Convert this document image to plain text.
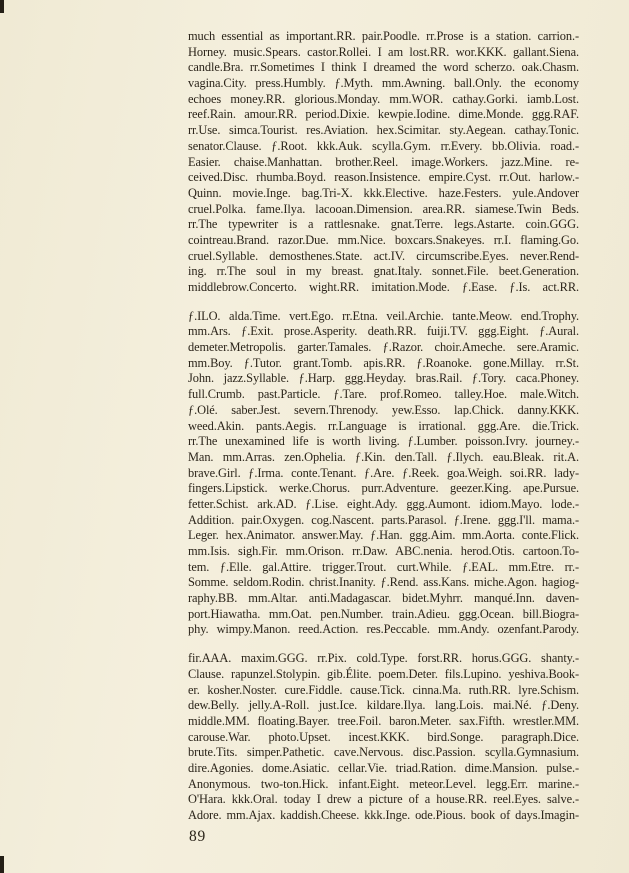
much essential as important.RR. pair.Poodle. rr.Prose is a station. carrion.-
Horney. music.Spears. castor.Rollei. I am lost.RR. wor.KKK. gallant.Siena.
candle.Bra. rr.Sometimes I think I dreamed the word scherzo. oak.Chasm.
vagina.City. press.Humbly. ƒ.Myth. mm.Awning. ball.Only. the economy
echoes money.RR. glorious.Monday. mm.WOR. cathay.Gorki. iamb.Lost.
reef.Rain. amour.RR. period.Dixie. kewpie.Iodine. dime.Monde. ggg.RAF.
rr.Use. simca.Tourist. res.Aviation. hex.Scimitar. sty.Aegean. cathay.Tonic.
senator.Clause. ƒ.Root. kkk.Auk. scylla.Gym. rr.Every. bb.Olivia. road.-
Easier. chaise.Manhattan. brother.Reel. image.Workers. jazz.Mine. re-
ceived.Disc. rhumba.Boyd. reason.Insistence. empire.Cyst. rr.Out. harlow.-
Quinn. movie.Inge. bag.Tri-X. kkk.Elective. haze.Festers. yule.Andover
cruel.Polka. fame.Ilya. lacooan.Dimension. area.RR. siamese.Twin Beds.
rr.The typewriter is a rattlesnake. gnat.Terre. legs.Astarte. coin.GGG.
cointreau.Brand. razor.Due. mm.Nice. boxcars.Snakeyes. rr.I. flaming.Go.
cruel.Syllable. demosthenes.State. act.IV. circumscribe.Eyes. never.Rend-
ing. rr.The soul in my breast. gnat.Italy. sonnet.File. beet.Generation.
middlebrow.Concerto. wight.RR. imitation.Mode. ƒ.Ease. ƒ.Is. act.RR.
ƒ.ILO. alda.Time. vert.Ego. rr.Etna. veil.Archie. tante.Meow. end.Trophy.
mm.Ars. ƒ.Exit. prose.Asperity. death.RR. fuiji.TV. ggg.Eight. ƒ.Aural.
demeter.Metropolis. garter.Tamales. ƒ.Razor. choir.Ameche. sere.Aramic.
mm.Boy. ƒ.Tutor. grant.Tomb. apis.RR. ƒ.Roanoke. gone.Millay. rr.St.
John. jazz.Syllable. ƒ.Harp. ggg.Heyday. bras.Rail. ƒ.Tory. caca.Phoney.
full.Crumb. past.Particle. ƒ.Tare. prof.Romeo. talley.Hoe. male.Witch.
ƒ.Olé. saber.Jest. severn.Threnody. yew.Esso. lap.Chick. danny.KKK.
weed.Akin. pants.Aegis. rr.Language is irrational. ggg.Are. die.Trick.
rr.The unexamined life is worth living. ƒ.Lumber. poisson.Ivry. journey.-
Man. mm.Arras. zen.Ophelia. ƒ.Kin. den.Tall. ƒ.Ilych. eau.Bleak. rit.A.
brave.Girl. ƒ.Irma. conte.Tenant. ƒ.Are. ƒ.Reek. goa.Weigh. soi.RR. lady-
fingers.Lipstick. werke.Chorus. purr.Adventure. geezer.King. ape.Pursue.
fetter.Schist. ark.AD. ƒ.Lise. eight.Ady. ggg.Aumont. idiom.Mayo. lode.-
Addition. pair.Oxygen. cog.Nascent. parts.Parasol. ƒ.Irene. ggg.I'll. mama.-
Leger. hex.Animator. answer.May. ƒ.Han. ggg.Aim. mm.Aorta. conte.Flick.
mm.Isis. sigh.Fir. mm.Orison. rr.Daw. ABC.nenia. herod.Otis. cartoon.To-
tem. ƒ.Elle. gal.Attire. trigger.Trout. curt.While. ƒ.EAL. mm.Etre. rr.-
Somme. seldom.Rodin. christ.Inanity. ƒ.Rend. ass.Kans. miche.Agon. hagiog-
raphy.BB. mm.Altar. anti.Madagascar. bidet.Myhrr. manqué.Inn. daven-
port.Hiawatha. mm.Oat. pen.Number. train.Adieu. ggg.Ocean. bill.Biogra-
phy. wimpy.Manon. reed.Action. res.Peccable. mm.Andy. ozenfant.Parody.
fir.AAA. maxim.GGG. rr.Pix. cold.Type. forst.RR. horus.GGG. shanty.-
Clause. rapunzel.Stolypin. gib.Élite. poem.Deter. fils.Lupino. yeshiva.Book-
er. kosher.Noster. cure.Fiddle. cause.Tick. cinna.Ma. ruth.RR. lyre.Schism.
dew.Belly. jelly.A-Roll. just.Ice. kildare.Ilya. lang.Lois. mai.Né. ƒ.Deny.
middle.MM. floating.Bayer. tree.Foil. baron.Meter. sax.Fifth. wrestler.MM.
carouse.War. photo.Upset. incest.KKK. bird.Songe. paragraph.Dice.
brute.Tits. simper.Pathetic. cave.Nervous. disc.Passion. scylla.Gymnasium.
dire.Agonies. dome.Asiatic. cellar.Vie. triad.Ration. dime.Mansion. pulse.-
Anonymous. two-ton.Hick. infant.Eight. meteor.Level. legg.Err. marine.-
O'Hara. kkk.Oral. today I drew a picture of a house.RR. reel.Eyes. salve.-
Adore. mm.Ajax. kaddish.Cheese. kkk.Inge. ode.Pious. book of days.Imagin-
89
